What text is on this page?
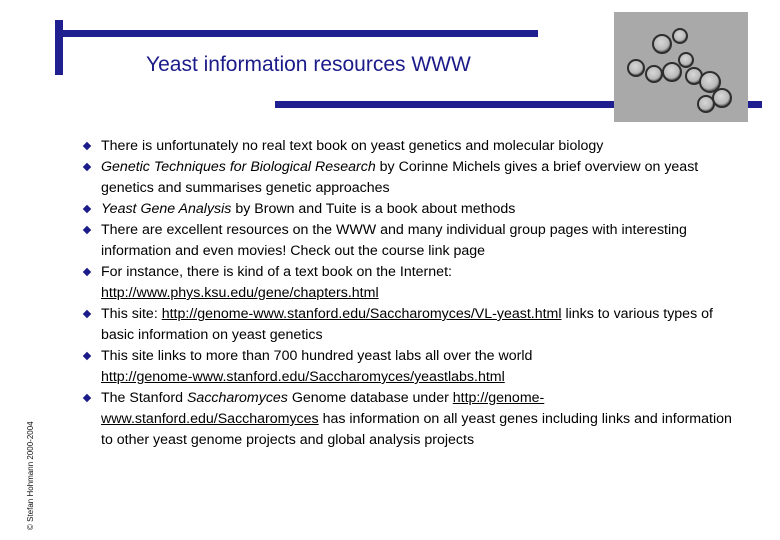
Yeast information resources WWW
© Stefan Hohmann 2000-2004
There is unfortunately no real text book on yeast genetics and molecular biology
Genetic Techniques for Biological Research by Corinne Michels gives a brief overview on yeast genetics and summarises genetic approaches
Yeast Gene Analysis by Brown and Tuite is a book about methods
There are excellent resources on the WWW and many individual group pages with interesting information and even movies! Check out the course link page
For instance, there is kind of a text book on the Internet:
http://www.phys.ksu.edu/gene/chapters.html
This site: http://genome-www.stanford.edu/Saccharomyces/VL-yeast.html links to various types of basic information on yeast genetics
This site links to more than 700 hundred yeast labs all over the world
http://genome-www.stanford.edu/Saccharomyces/yeastlabs.html
The Stanford Saccharomyces Genome database under http://genome-www.stanford.edu/Saccharomyces has information on all yeast genes including links and information to other yeast genome projects and global analysis projects
